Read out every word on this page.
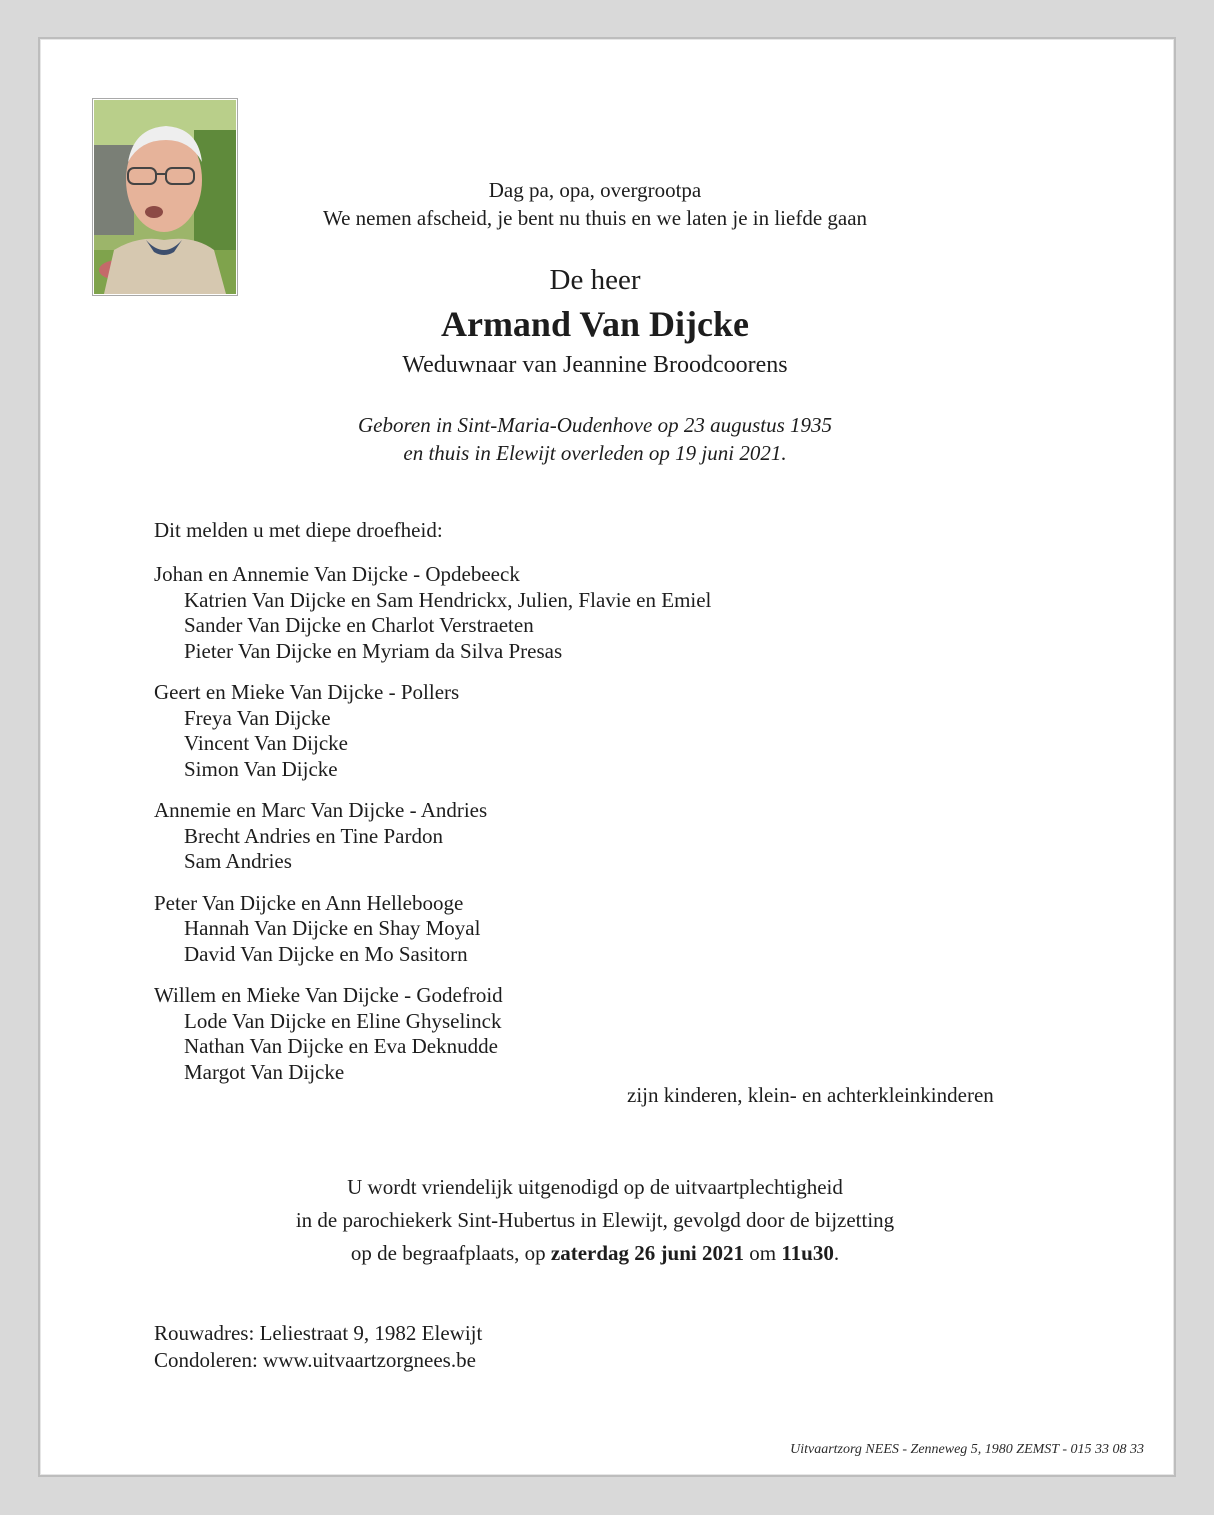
Dag pa, opa, overgrootpa
We nemen afscheid, je bent nu thuis en we laten je in liefde gaan
De heer
Armand Van Dijcke
Weduwnaar van Jeannine Broodcoorens
Geboren in Sint-Maria-Oudenhove op 23 augustus 1935
en thuis in Elewijt overleden op 19 juni 2021.
Dit melden u met diepe droefheid:
Johan en Annemie Van Dijcke - Opdebeeck
Katrien Van Dijcke en Sam Hendrickx, Julien, Flavie en Emiel
Sander Van Dijcke en Charlot Verstraeten
Pieter Van Dijcke en Myriam da Silva Presas
Geert en Mieke Van Dijcke - Pollers
Freya Van Dijcke
Vincent Van Dijcke
Simon Van Dijcke
Annemie en Marc Van Dijcke - Andries
Brecht Andries en Tine Pardon
Sam Andries
Peter Van Dijcke en Ann Hellebooge
Hannah Van Dijcke en Shay Moyal
David Van Dijcke en Mo Sasitorn
Willem en Mieke Van Dijcke - Godefroid
Lode Van Dijcke en Eline Ghyselinck
Nathan Van Dijcke en Eva Deknudde
Margot Van Dijcke
zijn kinderen, klein- en achterkleinkinderen
U wordt vriendelijk uitgenodigd op de uitvaartplechtigheid
in de parochiekerk Sint-Hubertus in Elewijt, gevolgd door de bijzetting
op de begraafplaats, op zaterdag 26 juni 2021 om 11u30.
Rouwadres: Leliestraat 9, 1982 Elewijt
Condoleren: www.uitvaartzorgnees.be
Uitvaartzorg NEES - Zenneweg 5, 1980 ZEMST - 015 33 08 33
